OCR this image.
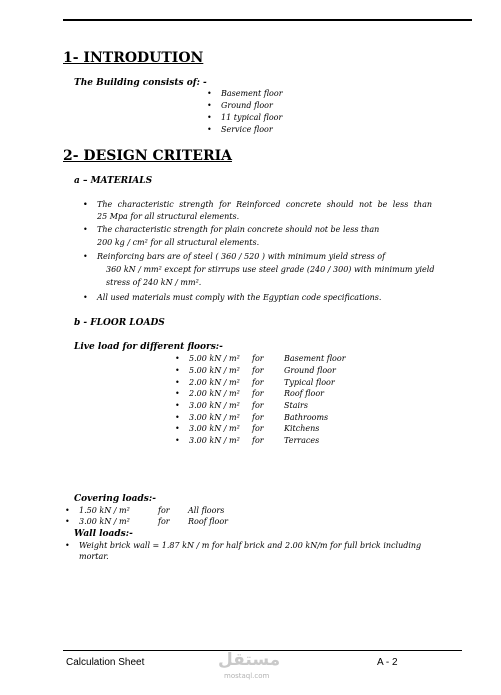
1- INTRODUTION
The Building consists of: -
• Basement floor
• Ground floor
• 11 typical floor
• Service floor
2- DESIGN CRITERIA
a – MATERIALS
The characteristic strength for Reinforced concrete should not be less than
•
25 Mpa for all structural elements.
• The characteristic strength for plain concrete should not be less than
200 kg / cm² for all structural elements.
• Reinforcing bars are of steel ( 360 / 520 ) with minimum yield stress of
360 kN / mm² except for stirrups use steel grade (240 / 300) with minimum yield
stress of 240 kN / mm².
• All used materials must comply with the Egyptian code specifications.
b - FLOOR LOADS
Live load for different floors:-
• 5.00 kN / m² for	Basement floor
• 5.00 kN / m² for	Ground floor
• 2.00 kN / m² for	Typical floor
• 2.00 kN / m² for	Roof floor
• 3.00 kN / m² for	Stairs
• 3.00 kN / m² for	Bathrooms
• 3.00 kN / m² for	Kitchens
• 3.00 kN / m² for	Terraces
Covering loads:-
• 1.50 kN / m²	for All floors
• 3.00 kN / m²	for Roof floor
Wall loads:-
• Weight brick wall = 1.87 kN / m for half brick and 2.00 kN/m for full brick including
mortar.
Calculation Sheet	A - 2
مستقل
mostaql.com
